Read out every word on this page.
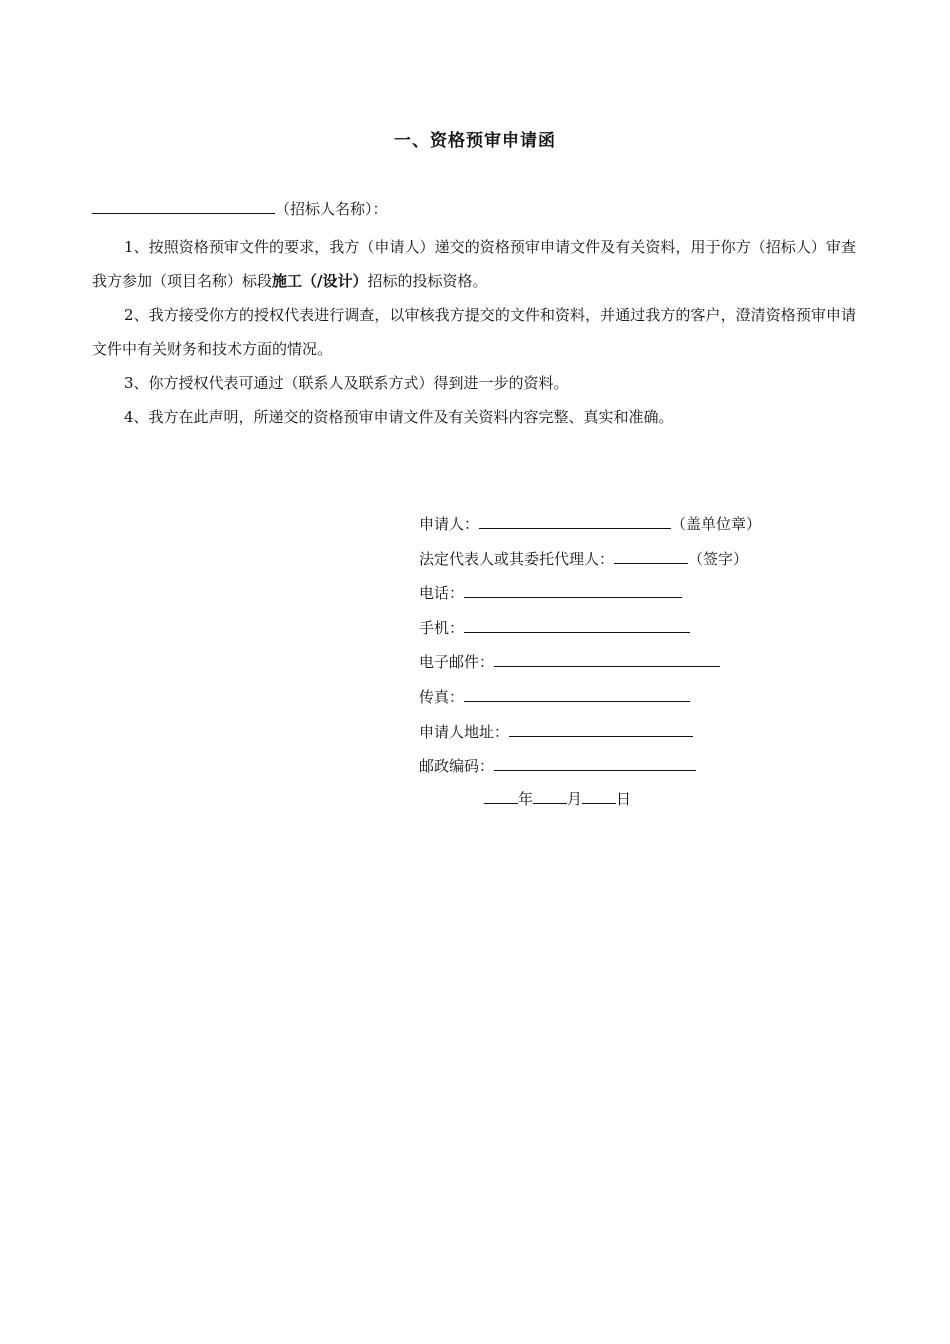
一、资格预审申请函
（招标人名称）：

1、按照资格预审文件的要求，我方（申请人）递交的资格预审申请文件及有关资料，用于你方（招标人）审查我方参加（项目名称）标段施工（/设计）招标的投标资格。

2、我方接受你方的授权代表进行调查，以审核我方提交的文件和资料，并通过我方的客户，澄清资格预审申请文件中有关财务和技术方面的情况。

3、你方授权代表可通过（联系人及联系方式）得到进一步的资料。

4、我方在此声明，所递交的资格预审申请文件及有关资料内容完整、真实和准确。

申请人：	（盖单位章）
法定代表人或其委托代理人：	（签字）
电话：
手机：
电子邮件：
传真：
申请人地址：
邮政编码：
年 月 日
